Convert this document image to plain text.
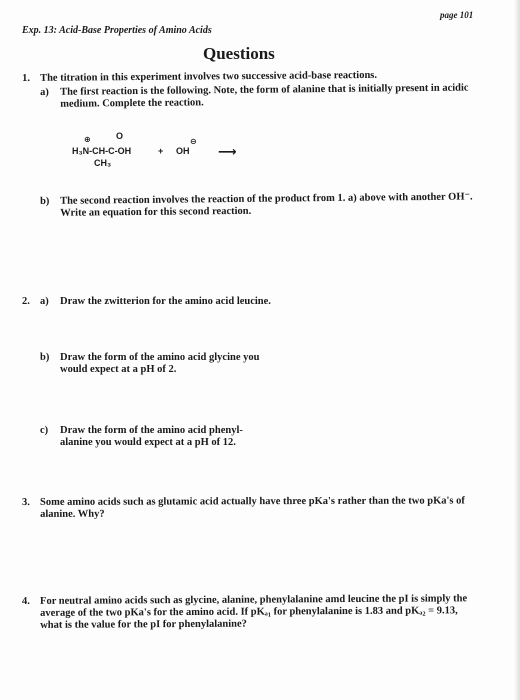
Exp. 13: Acid-Base Properties of Amino Acids
page 101
Questions
1. The titration in this experiment involves two successive acid-base reactions.
a) The first reaction is the following. Note, the form of alanine that is initially present in acidic
medium. Complete the reaction.
⊕	O
H₃N-CH-C-OH
CH₃
+ OH
⊖
⟶
b) The second reaction involves the reaction of the product from 1. a) above with another OH⁻.
Write an equation for this second reaction.
2. a) Draw the zwitterion for the amino acid leucine.
b) Draw the form of the amino acid glycine you
would expect at a pH of 2.
c) Draw the form of the amino acid phenyl-
alanine you would expect at a pH of 12.
3. Some amino acids such as glutamic acid actually have three pKa's rather than the two pKa's of
alanine. Why?
4. For neutral amino acids such as glycine, alanine, phenylalanine amd leucine the pI is simply the
average of the two pKa's for the amino acid. If pKₐ₁ for phenylalanine is 1.83 and pKₐ₂ = 9.13,
what is the value for the pI for phenylalanine?
